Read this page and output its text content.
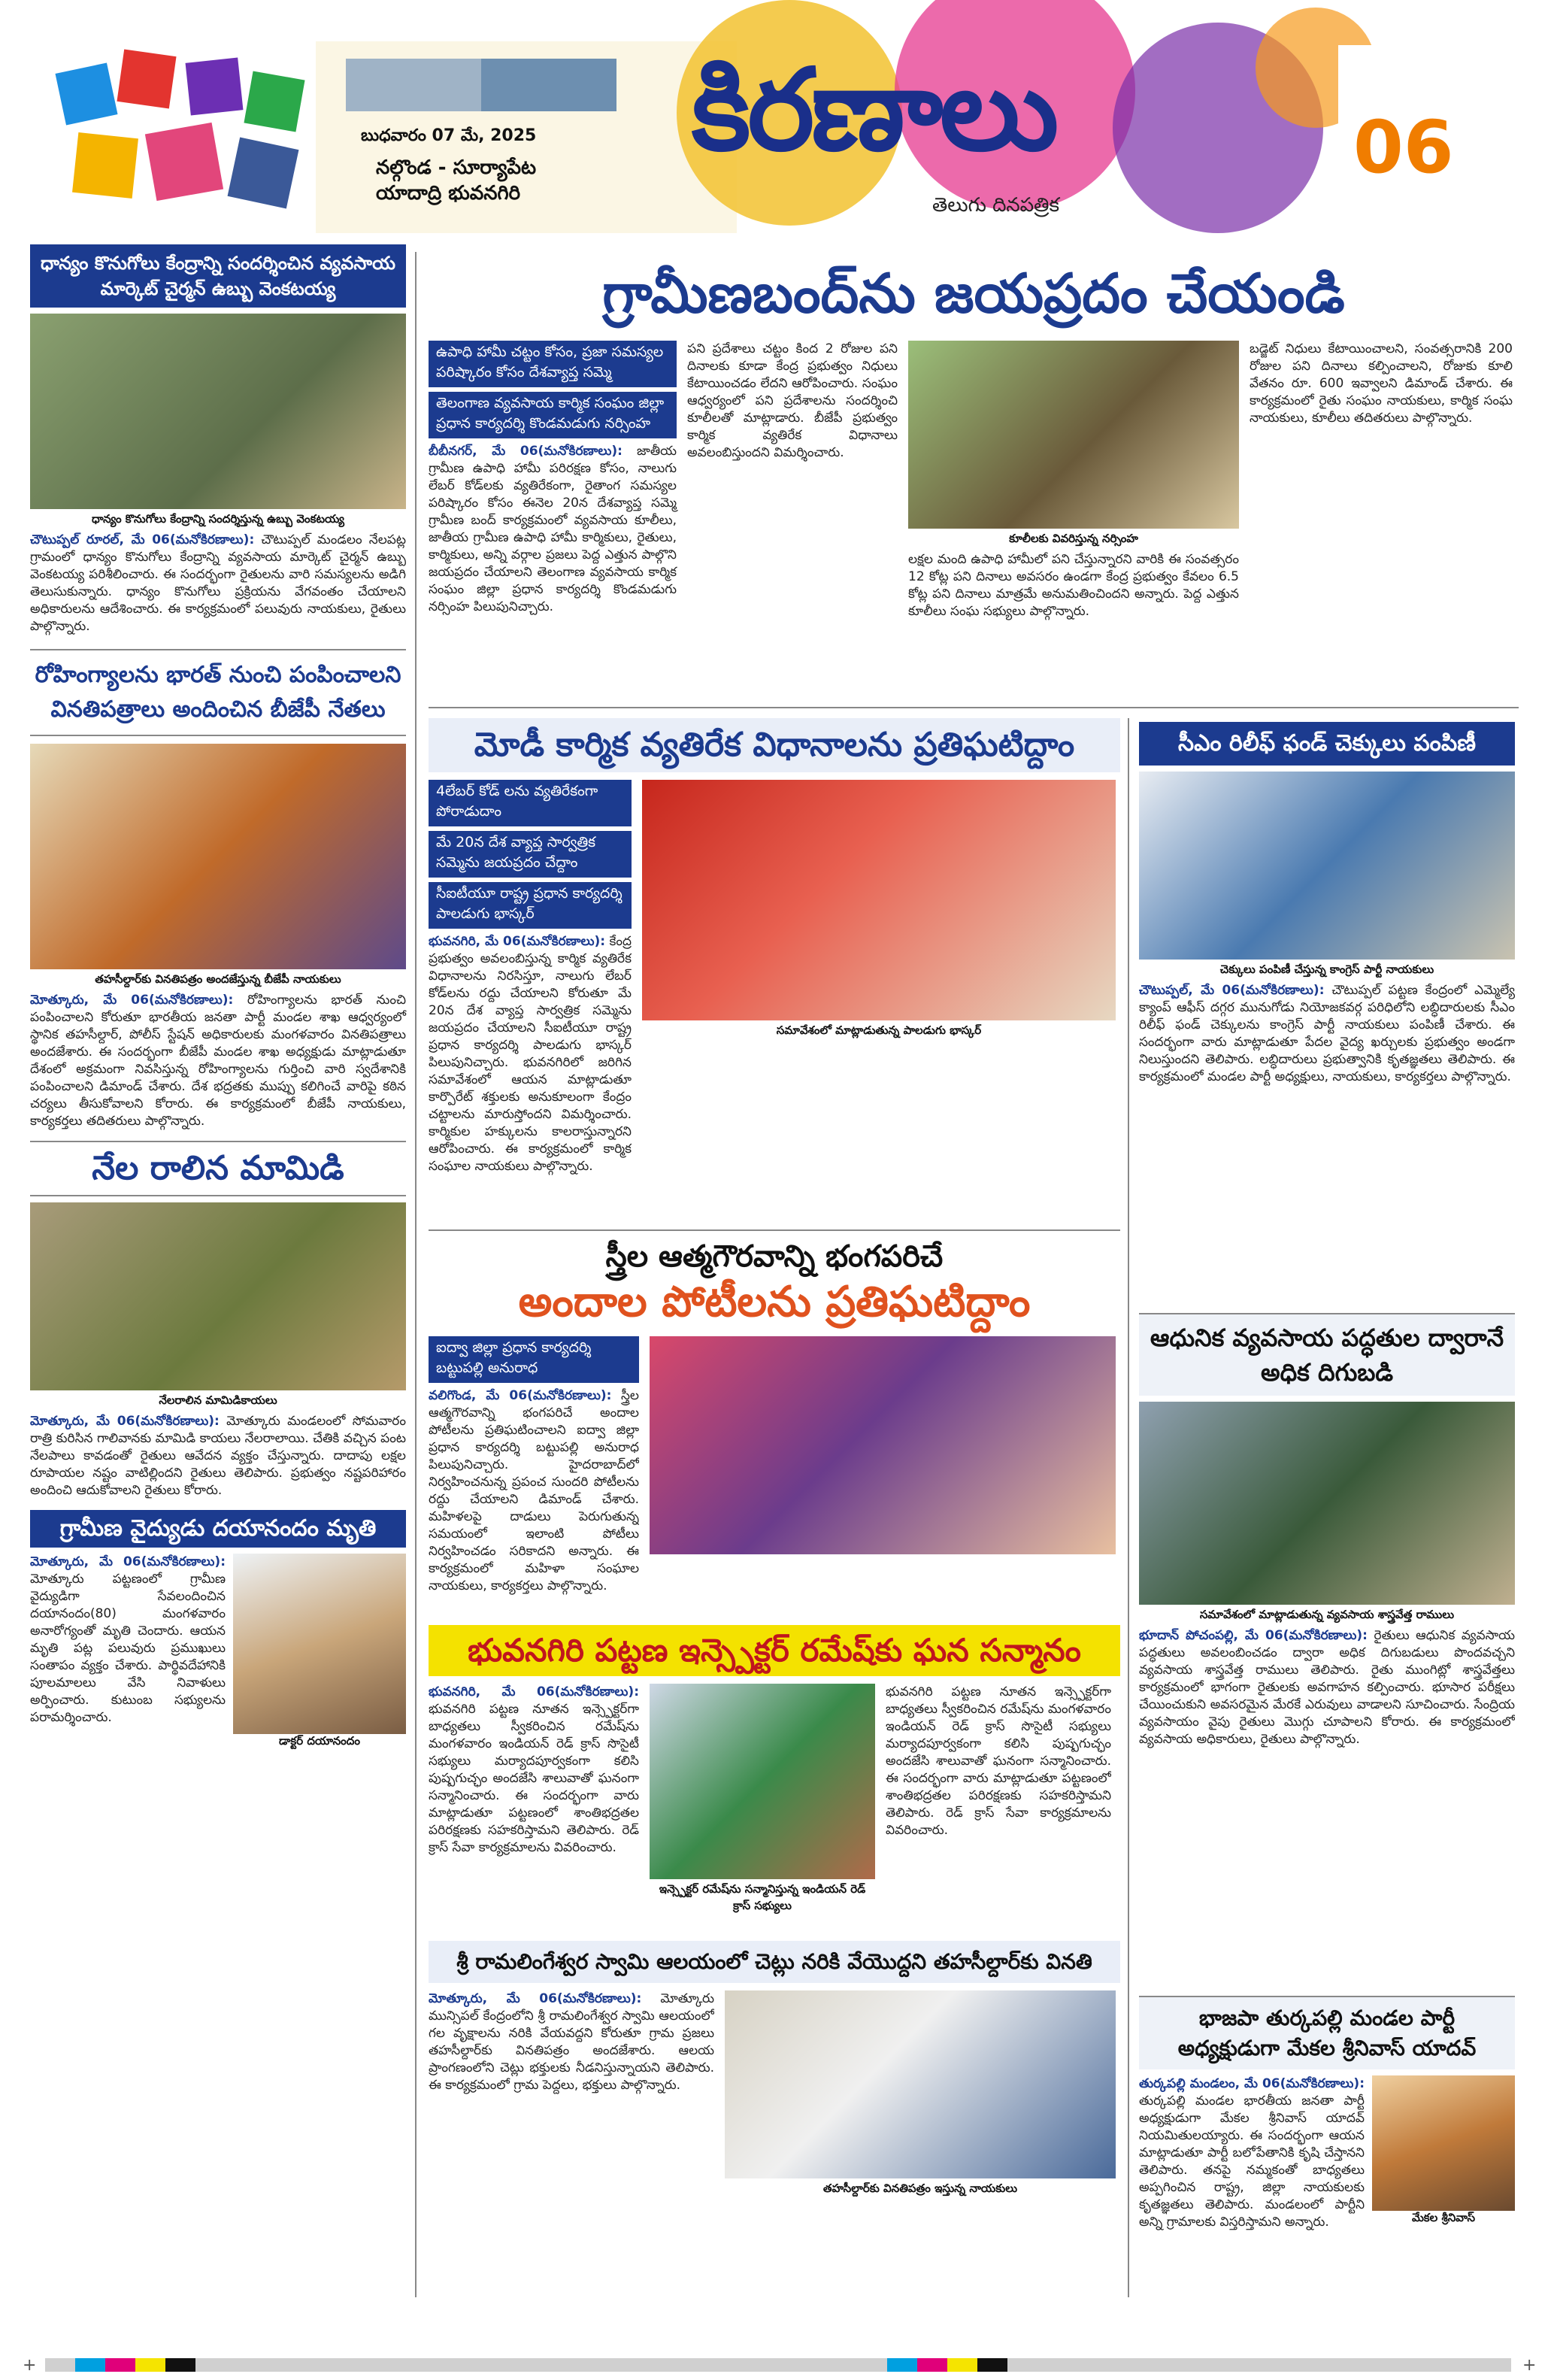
బుధవారం 07 మే, 2025
నల్గొండ - సూర్యాపేట
యాదాద్రి భువనగిరి
కిరణాలు
తెలుగు దినపత్రిక
06
ధాన్యం కొనుగోలు కేంద్రాన్ని సందర్శించిన వ్యవసాయ మార్కెట్ చైర్మన్ ఉబ్బు వెంకటయ్య
ధాన్యం కొనుగోలు కేంద్రాన్ని సందర్శిస్తున్న ఉబ్బు వెంకటయ్య
చౌటుప్పల్ రూరల్, మే 06(మనోకిరణాలు): చౌటుప్పల్ మండలం నేలపట్ల గ్రామంలో ధాన్యం కొనుగోలు కేంద్రాన్ని వ్యవసాయ మార్కెట్ చైర్మన్ ఉబ్బు వెంకటయ్య పరిశీలించారు. ఈ సందర్భంగా రైతులను వారి సమస్యలను అడిగి తెలుసుకున్నారు. ధాన్యం కొనుగోలు ప్రక్రియను వేగవంతం చేయాలని అధికారులను ఆదేశించారు. ఈ కార్యక్రమంలో పలువురు నాయకులు, రైతులు పాల్గొన్నారు.
రోహింగ్యాలను భారత్ నుంచి పంపించాలని వినతిపత్రాలు అందించిన బీజేపీ నేతలు
తహసీల్దార్‌కు వినతిపత్రం అందజేస్తున్న బీజేపీ నాయకులు
మోత్కూరు, మే 06(మనోకిరణాలు): రోహింగ్యాలను భారత్ నుంచి పంపించాలని కోరుతూ భారతీయ జనతా పార్టీ మండల శాఖ ఆధ్వర్యంలో స్థానిక తహసీల్దార్, పోలీస్ స్టేషన్ అధికారులకు మంగళవారం వినతిపత్రాలు అందజేశారు. ఈ సందర్భంగా బీజేపీ మండల శాఖ అధ్యక్షుడు మాట్లాడుతూ దేశంలో అక్రమంగా నివసిస్తున్న రోహింగ్యాలను గుర్తించి వారి స్వదేశానికి పంపించాలని డిమాండ్ చేశారు. దేశ భద్రతకు ముప్పు కలిగించే వారిపై కఠిన చర్యలు తీసుకోవాలని కోరారు. ఈ కార్యక్రమంలో బీజేపీ నాయకులు, కార్యకర్తలు తదితరులు పాల్గొన్నారు.
నేల రాలిన మామిడి
నేలరాలిన మామిడికాయలు
మోత్కూరు, మే 06(మనోకిరణాలు): మోత్కూరు మండలంలో సోమవారం రాత్రి కురిసిన గాలివానకు మామిడి కాయలు నేలరాలాయి. చేతికి వచ్చిన పంట నేలపాలు కావడంతో రైతులు ఆవేదన వ్యక్తం చేస్తున్నారు. దాదాపు లక్షల రూపాయల నష్టం వాటిల్లిందని రైతులు తెలిపారు. ప్రభుత్వం నష్టపరిహారం అందించి ఆదుకోవాలని రైతులు కోరారు.
గ్రామీణ వైద్యుడు దయానందం మృతి
మోత్కూరు, మే 06(మనోకిరణాలు): మోత్కూరు పట్టణంలో గ్రామీణ వైద్యుడిగా సేవలందించిన దయానందం(80) మంగళవారం అనారోగ్యంతో మృతి చెందారు. ఆయన మృతి పట్ల పలువురు ప్రముఖులు సంతాపం వ్యక్తం చేశారు. పార్థివదేహానికి పూలమాలలు వేసి నివాళులు అర్పించారు. కుటుంబ సభ్యులను పరామర్శించారు.
డాక్టర్ దయానందం
గ్రామీణబంద్‌ను జయప్రదం చేయండి
ఉపాధి హామీ చట్టం కోసం, ప్రజా సమస్యల పరిష్కారం కోసం దేశవ్యాప్త సమ్మె
తెలంగాణ వ్యవసాయ కార్మిక సంఘం జిల్లా ప్రధాన కార్యదర్శి కొండమడుగు నర్సింహ
బీబీనగర్, మే 06(మనోకిరణాలు): జాతీయ గ్రామీణ ఉపాధి హామీ పరిరక్షణ కోసం, నాలుగు లేబర్ కోడ్‌లకు వ్యతిరేకంగా, రైతాంగ సమస్యల పరిష్కారం కోసం ఈనెల 20న దేశవ్యాప్త సమ్మె గ్రామీణ బంద్ కార్యక్రమంలో వ్యవసాయ కూలీలు, జాతీయ గ్రామీణ ఉపాధి హామీ కార్మికులు, రైతులు, కార్మికులు, అన్ని వర్గాల ప్రజలు పెద్ద ఎత్తున పాల్గొని జయప్రదం చేయాలని తెలంగాణ వ్యవసాయ కార్మిక సంఘం జిల్లా ప్రధాన కార్యదర్శి కొండమడుగు నర్సింహ పిలుపునిచ్చారు.
పని ప్రదేశాలు చట్టం కింద 2 రోజుల పని దినాలకు కూడా కేంద్ర ప్రభుత్వం నిధులు కేటాయించడం లేదని ఆరోపించారు. సంఘం ఆధ్వర్యంలో పని ప్రదేశాలను సందర్శించి కూలీలతో మాట్లాడారు. బీజేపీ ప్రభుత్వం కార్మిక వ్యతిరేక విధానాలు అవలంబిస్తుందని విమర్శించారు.
కూలీలకు వివరిస్తున్న నర్సింహ
లక్షల మంది ఉపాధి హామీలో పని చేస్తున్నారని వారికి ఈ సంవత్సరం 12 కోట్ల పని దినాలు అవసరం ఉండగా కేంద్ర ప్రభుత్వం కేవలం 6.5 కోట్ల పని దినాలు మాత్రమే అనుమతించిందని అన్నారు. పెద్ద ఎత్తున కూలీలు సంఘ సభ్యులు పాల్గొన్నారు.
బడ్జెట్ నిధులు కేటాయించాలని, సంవత్సరానికి 200 రోజుల పని దినాలు కల్పించాలని, రోజుకు కూలి వేతనం రూ. 600 ఇవ్వాలని డిమాండ్ చేశారు. ఈ కార్యక్రమంలో రైతు సంఘం నాయకులు, కార్మిక సంఘ నాయకులు, కూలీలు తదితరులు పాల్గొన్నారు.
మోడీ కార్మిక వ్యతిరేక విధానాలను ప్రతిఘటిద్దాం
4లేబర్ కోడ్ ‌లను వ్యతిరేకంగా పోరాడుదాం
మే 20న దేశ వ్యాప్త సార్వత్రిక సమ్మెను జయప్రదం చేద్దాం
సీఐటీయూ రాష్ట్ర ప్రధాన కార్యదర్శి పాలడుగు భాస్కర్
భువనగిరి, మే 06(మనోకిరణాలు): కేంద్ర ప్రభుత్వం అవలంబిస్తున్న కార్మిక వ్యతిరేక విధానాలను నిరసిస్తూ, నాలుగు లేబర్ కోడ్‌లను రద్దు చేయాలని కోరుతూ మే 20న దేశ వ్యాప్త సార్వత్రిక సమ్మెను జయప్రదం చేయాలని సీఐటీయూ రాష్ట్ర ప్రధాన కార్యదర్శి పాలడుగు భాస్కర్ పిలుపునిచ్చారు. భువనగిరిలో జరిగిన సమావేశంలో ఆయన మాట్లాడుతూ కార్పొరేట్ శక్తులకు అనుకూలంగా కేంద్రం చట్టాలను మారుస్తోందని విమర్శించారు. కార్మికుల హక్కులను కాలరాస్తున్నారని ఆరోపించారు. ఈ కార్యక్రమంలో కార్మిక సంఘాల నాయకులు పాల్గొన్నారు.
సమావేశంలో మాట్లాడుతున్న పాలడుగు భాస్కర్
స్త్రీల ఆత్మగౌరవాన్ని భంగపరిచే
అందాల పోటీలను ప్రతిఘటిద్దాం
ఐద్వా జిల్లా ప్రధాన కార్యదర్శి బట్టుపల్లి అనురాధ
వలిగొండ, మే 06(మనోకిరణాలు): స్త్రీల ఆత్మగౌరవాన్ని భంగపరిచే అందాల పోటీలను ప్రతిఘటించాలని ఐద్వా జిల్లా ప్రధాన కార్యదర్శి బట్టుపల్లి అనురాధ పిలుపునిచ్చారు. హైదరాబాద్‌లో నిర్వహించనున్న ప్రపంచ సుందరి పోటీలను రద్దు చేయాలని డిమాండ్ చేశారు. మహిళలపై దాడులు పెరుగుతున్న సమయంలో ఇలాంటి పోటీలు నిర్వహించడం సరికాదని అన్నారు. ఈ కార్యక్రమంలో మహిళా సంఘాల నాయకులు, కార్యకర్తలు పాల్గొన్నారు.
భువనగిరి పట్టణ ఇన్స్పెక్టర్ రమేష్‌కు ఘన సన్మానం
భువనగిరి, మే 06(మనోకిరణాలు): భువనగిరి పట్టణ నూతన ఇన్స్పెక్టర్‌గా బాధ్యతలు స్వీకరించిన రమేష్‌ను మంగళవారం ఇండియన్ రెడ్ క్రాస్ సొసైటీ సభ్యులు మర్యాదపూర్వకంగా కలిసి పుష్పగుచ్ఛం అందజేసి శాలువాతో ఘనంగా సన్మానించారు. ఈ సందర్భంగా వారు మాట్లాడుతూ పట్టణంలో శాంతిభద్రతల పరిరక్షణకు సహకరిస్తామని తెలిపారు. రెడ్ క్రాస్ సేవా కార్యక్రమాలను వివరించారు.
ఇన్స్పెక్టర్ రమేష్‌ను సన్మానిస్తున్న ఇండియన్ రెడ్ క్రాస్ సభ్యులు
భువనగిరి పట్టణ నూతన ఇన్స్పెక్టర్‌గా బాధ్యతలు స్వీకరించిన రమేష్‌ను మంగళవారం ఇండియన్ రెడ్ క్రాస్ సొసైటీ సభ్యులు మర్యాదపూర్వకంగా కలిసి పుష్పగుచ్ఛం అందజేసి శాలువాతో ఘనంగా సన్మానించారు. ఈ సందర్భంగా వారు మాట్లాడుతూ పట్టణంలో శాంతిభద్రతల పరిరక్షణకు సహకరిస్తామని తెలిపారు. రెడ్ క్రాస్ సేవా కార్యక్రమాలను వివరించారు.
శ్రీ రామలింగేశ్వర స్వామి ఆలయంలో చెట్లు నరికి వేయొద్దని తహసీల్దార్‌కు వినతి
మోత్కూరు, మే 06(మనోకిరణాలు): మోత్కూరు మున్సిపల్ కేంద్రంలోని శ్రీ రామలింగేశ్వర స్వామి ఆలయంలో గల వృక్షాలను నరికి వేయవద్దని కోరుతూ గ్రామ ప్రజలు తహసీల్దార్‌కు వినతిపత్రం అందజేశారు. ఆలయ ప్రాంగణంలోని చెట్లు భక్తులకు నీడనిస్తున్నాయని తెలిపారు. ఈ కార్యక్రమంలో గ్రామ పెద్దలు, భక్తులు పాల్గొన్నారు.
తహసీల్దార్‌కు వినతిపత్రం ఇస్తున్న నాయకులు
సీఎం రిలీఫ్ ఫండ్ చెక్కులు పంపిణీ
చెక్కులు పంపిణీ చేస్తున్న కాంగ్రెస్ పార్టీ నాయకులు
చౌటుప్పల్, మే 06(మనోకిరణాలు): చౌటుప్పల్ పట్టణ కేంద్రంలో ఎమ్మెల్యే క్యాంప్ ఆఫీస్ దగ్గర మునుగోడు నియోజకవర్గ పరిధిలోని లబ్ధిదారులకు సీఎం రిలీఫ్ ఫండ్ చెక్కులను కాంగ్రెస్ పార్టీ నాయకులు పంపిణీ చేశారు. ఈ సందర్భంగా వారు మాట్లాడుతూ పేదల వైద్య ఖర్చులకు ప్రభుత్వం అండగా నిలుస్తుందని తెలిపారు. లబ్ధిదారులు ప్రభుత్వానికి కృతజ్ఞతలు తెలిపారు. ఈ కార్యక్రమంలో మండల పార్టీ అధ్యక్షులు, నాయకులు, కార్యకర్తలు పాల్గొన్నారు.
ఆధునిక వ్యవసాయ పద్ధతుల ద్వారానే అధిక దిగుబడి
సమావేశంలో మాట్లాడుతున్న వ్యవసాయ శాస్త్రవేత్త రాములు
భూదాన్ పోచంపల్లి, మే 06(మనోకిరణాలు): రైతులు ఆధునిక వ్యవసాయ పద్ధతులు అవలంబించడం ద్వారా అధిక దిగుబడులు పొందవచ్చని వ్యవసాయ శాస్త్రవేత్త రాములు తెలిపారు. రైతు ముంగిట్లో శాస్త్రవేత్తలు కార్యక్రమంలో భాగంగా రైతులకు అవగాహన కల్పించారు. భూసార పరీక్షలు చేయించుకుని అవసరమైన మేరకే ఎరువులు వాడాలని సూచించారు. సేంద్రియ వ్యవసాయం వైపు రైతులు మొగ్గు చూపాలని కోరారు. ఈ కార్యక్రమంలో వ్యవసాయ అధికారులు, రైతులు పాల్గొన్నారు.
భాజపా తుర్కపల్లి మండల పార్టీ అధ్యక్షుడుగా మేకల శ్రీనివాస్ యాదవ్
తుర్కపల్లి మండలం, మే 06(మనోకిరణాలు): తుర్కపల్లి మండల భారతీయ జనతా పార్టీ అధ్యక్షుడుగా మేకల శ్రీనివాస్ యాదవ్ నియమితులయ్యారు. ఈ సందర్భంగా ఆయన మాట్లాడుతూ పార్టీ బలోపేతానికి కృషి చేస్తానని తెలిపారు. తనపై నమ్మకంతో బాధ్యతలు అప్పగించిన రాష్ట్ర, జిల్లా నాయకులకు కృతజ్ఞతలు తెలిపారు. మండలంలో పార్టీని అన్ని గ్రామాలకు విస్తరిస్తామని అన్నారు.	మేకల శ్రీనివాస్
+	+
